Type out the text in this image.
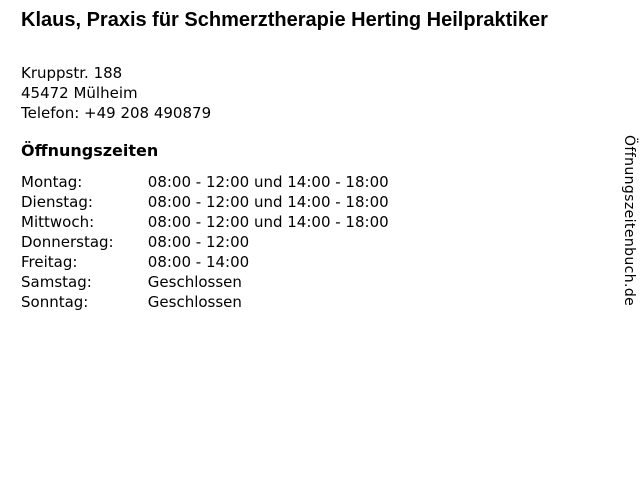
Klaus, Praxis für Schmerztherapie Herting Heilpraktiker
Kruppstr. 188
45472 Mülheim
Telefon: +49 208 490879
Öffnungszeiten
Montag:	08:00 - 12:00 und 14:00 - 18:00
Dienstag:	08:00 - 12:00 und 14:00 - 18:00
Mittwoch:	08:00 - 12:00 und 14:00 - 18:00
Donnerstag: 08:00 - 12:00
Freitag:	08:00 - 14:00
Samstag:	Geschlossen
Sonntag:	Geschlossen	Öffnungszeitenbuch.de
